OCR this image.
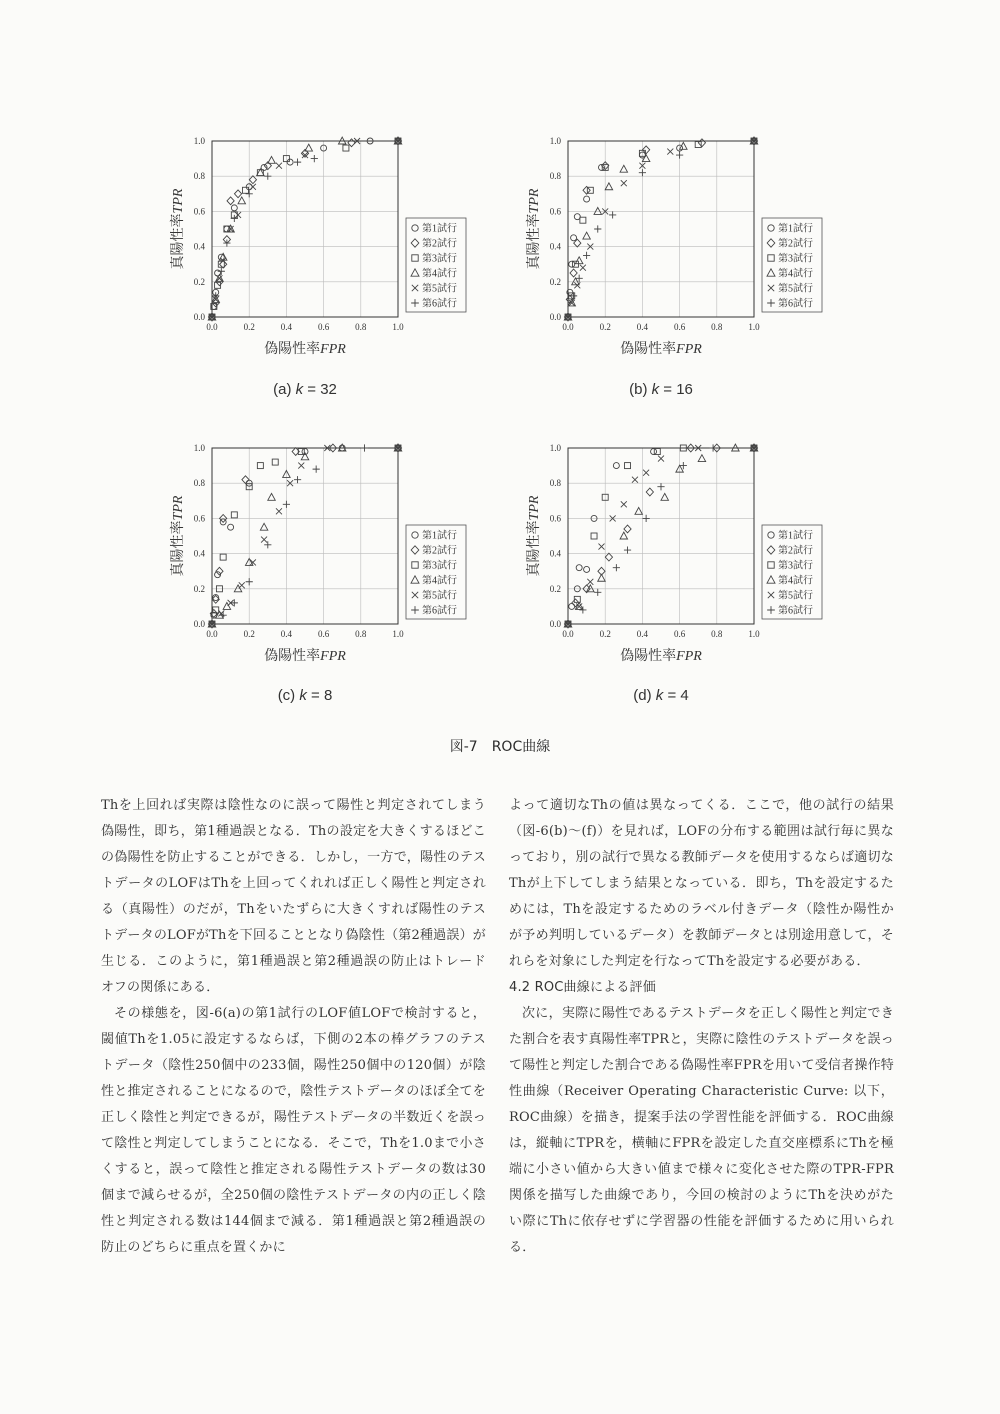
0.0	0.2	0.4	0.6	0.8	1.0
0.0
0.2
0.4
0.6
0.8
1.0
偽陽性率FPR
真陽性率TPR
第1試行
第2試行
第3試行
第4試行
第5試行
第6試行
0.0	0.2	0.4	0.6	0.8	1.0
0.0
0.2
0.4
0.6
0.8
1.0
偽陽性率FPR
真陽性率TPR
第1試行
第2試行
第3試行
第4試行
第5試行
第6試行
0.0	0.2	0.4	0.6	0.8	1.0
0.0
0.2
0.4
0.6
0.8
1.0
偽陽性率FPR
真陽性率TPR
第1試行
第2試行
第3試行
第4試行
第5試行
第6試行
0.0	0.2	0.4	0.6	0.8	1.0
0.0
0.2
0.4
0.6
0.8
1.0
偽陽性率FPR
真陽性率TPR
第1試行
第2試行
第3試行
第4試行
第5試行
第6試行
(a) k = 32	(b) k = 16
(c) k = 8	(d) k = 4
図-7　ROC曲線

Thを上回れば実際は陰性なのに誤って陽性と判定されてしまう偽陽性，即ち，第1種過誤となる．Thの設定を大きくするほどこの偽陽性を防止することができる．しかし，一方で，陽性のテストデータのLOFはThを上回ってくれれば正しく陽性と判定される（真陽性）のだが，Thをいたずらに大きくすれば陽性のテストデータのLOFがThを下回ることとなり偽陰性（第2種過誤）が生じる．このように，第1種過誤と第2種過誤の防止はトレードオフの関係にある．

その様態を，図-6(a)の第1試行のLOF値LOFで検討すると，閾値Thを1.05に設定するならば，下側の2本の棒グラフのテストデータ（陰性250個中の233個，陽性250個中の120個）が陰性と推定されることになるので，陰性テストデータのほぼ全てを正しく陰性と判定できるが，陽性テストデータの半数近くを誤って陰性と判定してしまうことになる．そこで，Thを1.0まで小さくすると，誤って陰性と推定される陽性テストデータの数は30個まで減らせるが，全250個の陰性テストデータの内の正しく陰性と判定される数は144個まで減る．第1種過誤と第2種過誤の防止のどちらに重点を置くかに

よって適切なThの値は異なってくる．ここで，他の試行の結果（図-6(b)～(f)）を見れば，LOFの分布する範囲は試行毎に異なっており，別の試行で異なる教師データを使用するならば適切なThが上下してしまう結果となっている．即ち，Thを設定するためには，Thを設定するためのラベル付きデータ（陰性か陽性かが予め判明しているデータ）を教師データとは別途用意して，それらを対象にした判定を行なってThを設定する必要がある．

4.2 ROC曲線による評価

次に，実際に陽性であるテストデータを正しく陽性と判定できた割合を表す真陽性率TPRと，実際に陰性のテストデータを誤って陽性と判定した割合である偽陽性率FPRを用いて受信者操作特性曲線（Receiver Operating Characteristic Curve: 以下，ROC曲線）を描き，提案手法の学習性能を評価する．ROC曲線は，縦軸にTPRを，横軸にFPRを設定した直交座標系にThを極端に小さい値から大きい値まで様々に変化させた際のTPR-FPR関係を描写した曲線であり，今回の検討のようにThを決めがたい際にThに依存せずに学習器の性能を評価するために用いられる．
